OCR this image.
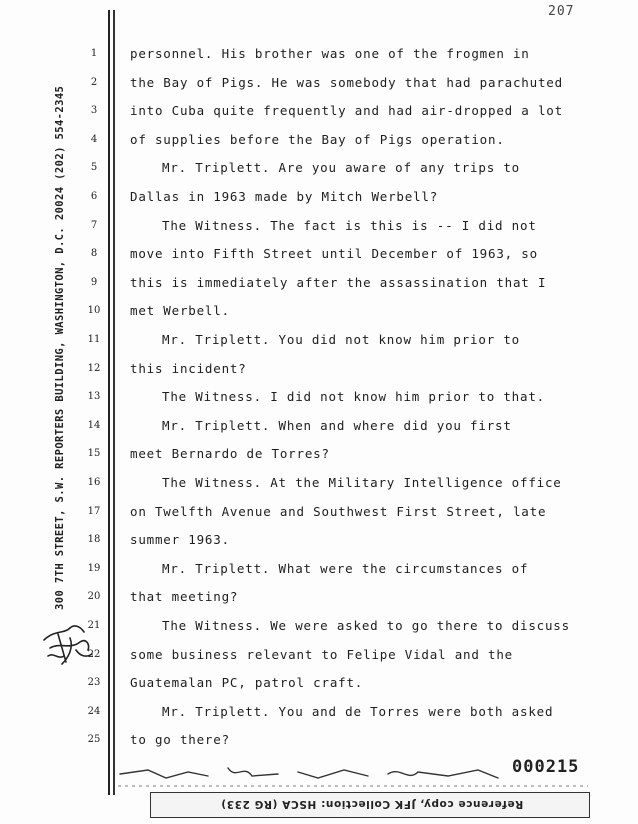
207
300 7TH STREET, S.W. REPORTERS BUILDING, WASHINGTON, D.C. 20024 (202) 554-2345
1	personnel. His brother was one of the frogmen in
2	the Bay of Pigs. He was somebody that had parachuted
3	into Cuba quite frequently and had air-dropped a lot
4	of supplies before the Bay of Pigs operation.
5	Mr. Triplett. Are you aware of any trips to
6	Dallas in 1963 made by Mitch Werbell?
7	The Witness. The fact is this is -- I did not
8	move into Fifth Street until December of 1963, so
9	this is immediately after the assassination that I
10 met Werbell.
11	Mr. Triplett. You did not know him prior to
12 this incident?
13	The Witness. I did not know him prior to that.
14	Mr. Triplett. When and where did you first
15 meet Bernardo de Torres?
16	The Witness. At the Military Intelligence office
17 on Twelfth Avenue and Southwest First Street, late
18 summer 1963.
19	Mr. Triplett. What were the circumstances of
20 that meeting?
21	The Witness. We were asked to go there to discuss
22 some business relevant to Felipe Vidal and the
23 Guatemalan PC, patrol craft.
24	Mr. Triplett. You and de Torres were both asked
25 to go there?
000215
Reference copy, JFK Collection: HSCA (RG 233)
